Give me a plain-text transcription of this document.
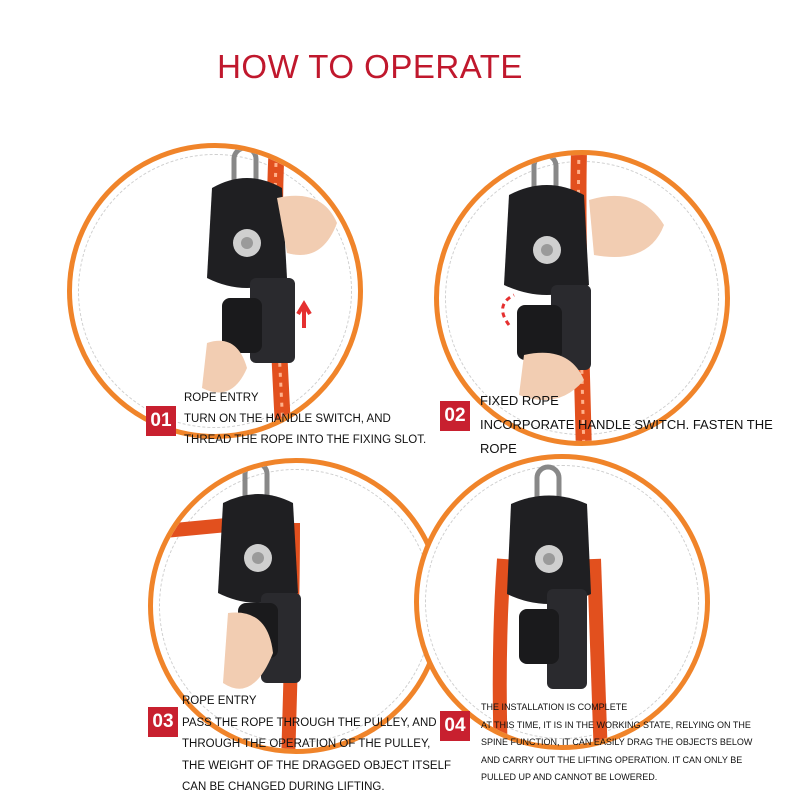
HOW TO OPERATE
01
ROPE ENTRY
TURN ON THE HANDLE SWITCH, AND
THREAD THE ROPE INTO THE FIXING SLOT.
02
FIXED ROPE
INCORPORATE HANDLE SWITCH. FASTEN THE
ROPE
03
ROPE ENTRY
PASS THE ROPE THROUGH THE PULLEY, AND
THROUGH THE OPERATION OF THE PULLEY,
THE WEIGHT OF THE DRAGGED OBJECT ITSELF
CAN BE CHANGED DURING LIFTING.
04
THE INSTALLATION IS COMPLETE
AT THIS TIME, IT IS IN THE WORKING STATE, RELYING ON THE
SPINE FUNCTION, IT CAN EASILY DRAG THE OBJECTS BELOW
AND CARRY OUT THE LIFTING OPERATION. IT CAN ONLY BE
PULLED UP AND CANNOT BE LOWERED.
